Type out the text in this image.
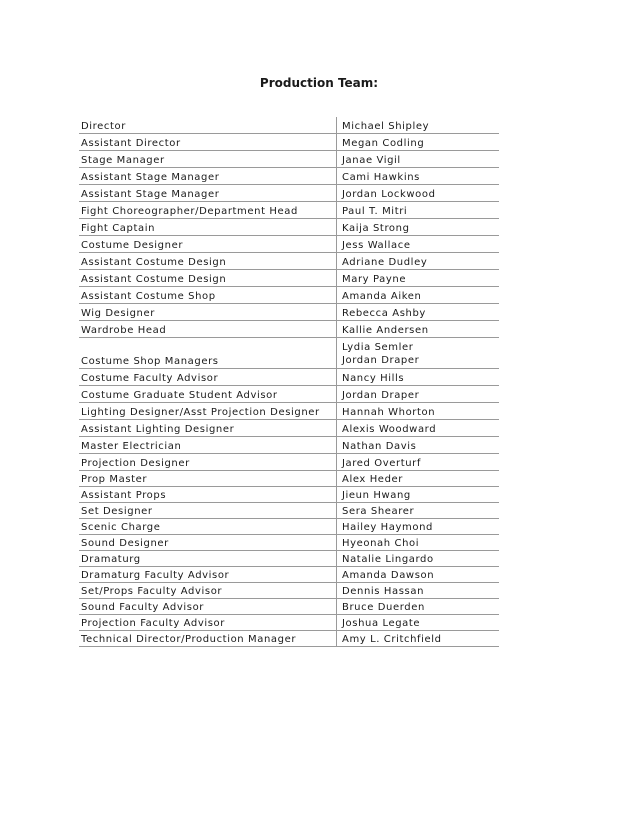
Production Team:
Director	Michael Shipley

Assistant Director	Megan Codling

Stage Manager	Janae Vigil

Assistant Stage Manager	Cami Hawkins

Assistant Stage Manager	Jordan Lockwood

Fight Choreographer/Department Head	Paul T. Mitri

Fight Captain	Kaija Strong

Costume Designer	Jess Wallace

Assistant Costume Design	Adriane Dudley

Assistant Costume Design	Mary Payne

Assistant Costume Shop	Amanda Aiken

Wig Designer	Rebecca Ashby

Wardrobe Head	Kallie Andersen

Costume Shop Managers	Lydia Semler
Jordan Draper

Costume Faculty Advisor	Nancy Hills

Costume Graduate Student Advisor	Jordan Draper

Lighting Designer/Asst Projection Designer	Hannah Whorton

Assistant Lighting Designer	Alexis Woodward

Master Electrician	Nathan Davis

Projection Designer	Jared Overturf

Prop Master	Alex Heder

Assistant Props	Jieun Hwang

Set Designer	Sera Shearer

Scenic Charge	Hailey Haymond

Sound Designer	Hyeonah Choi

Dramaturg	Natalie Lingardo

Dramaturg Faculty Advisor	Amanda Dawson

Set/Props Faculty Advisor	Dennis Hassan

Sound Faculty Advisor	Bruce Duerden

Projection Faculty Advisor	Joshua Legate

Technical Director/Production Manager	Amy L. Critchfield
